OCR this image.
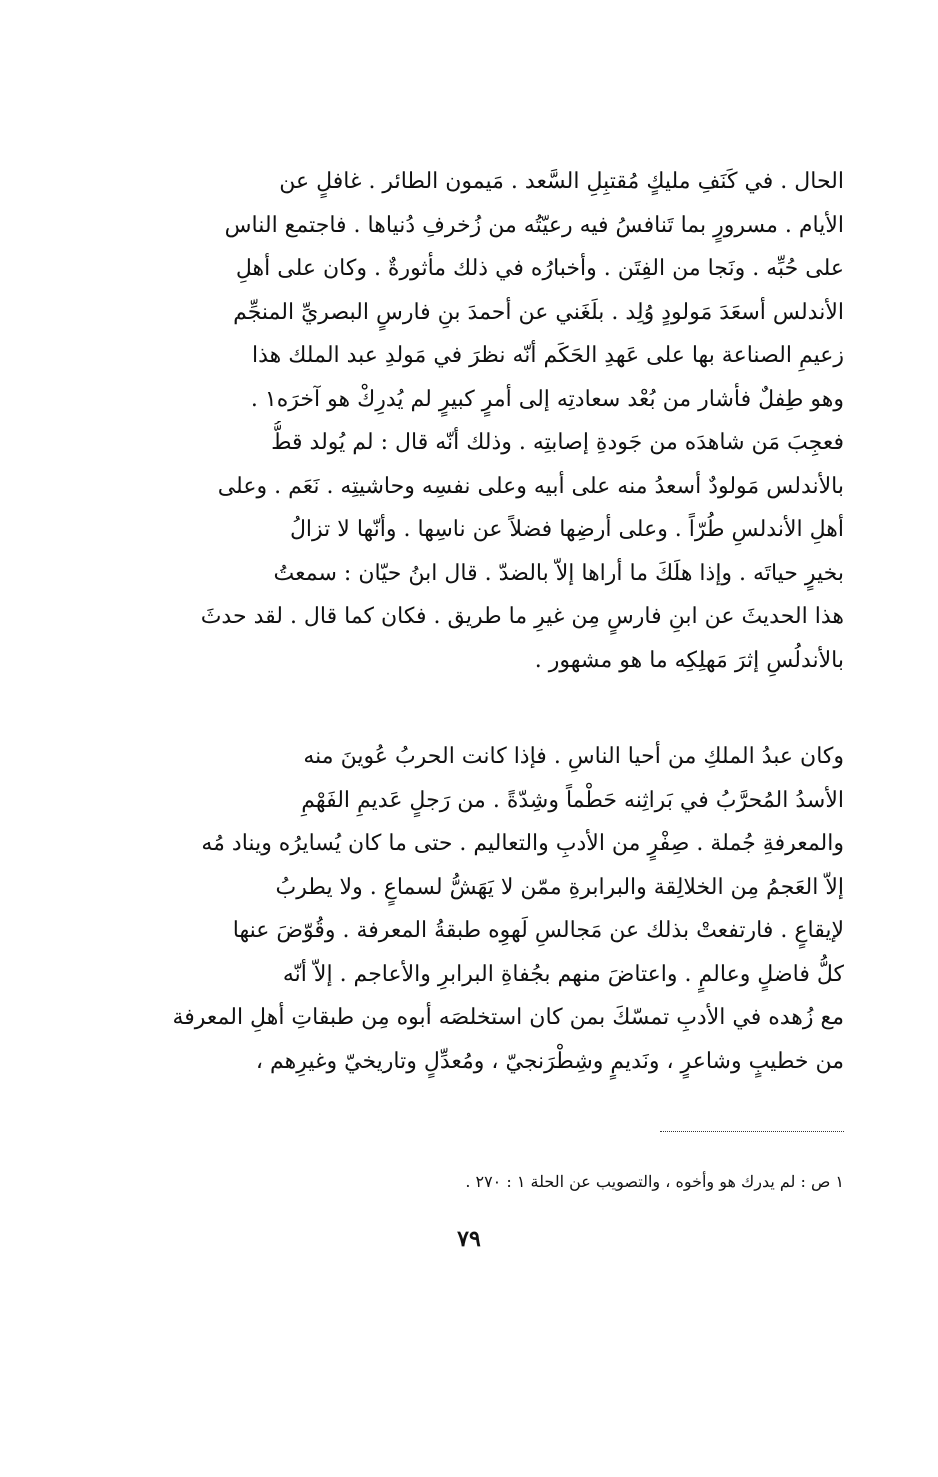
الحال . في كَنَفِ مليكٍ مُقتبِلِ السَّعد . مَيمون الطائر . غافلٍ عن
الأيام . مسرورٍ بما تَنافسُ فيه رعيّتُه من زُخرفِ دُنياها . فاجتمع الناس
على حُبِّه . ونَجا من الفِتَن . وأخبارُه في ذلك مأثورةٌ . وكان على أهلِ
الأندلس أسعَدَ مَولودٍ وُلِد . بلَغَني عن أحمدَ بنِ فارسٍ البصريِّ المنجِّم
زعيمِ الصناعة بها على عَهدِ الحَكَم أنّه نظرَ في مَولدِ عبد الملك هذا
وهو طِفلٌ فأشار من بُعْد سعادتِه إلى أمرٍ كبيرٍ لم يُدرِكْ هو آخرَه١ .
فعجِبَ مَن شاهدَه من جَودةِ إصابتِه . وذلك أنّه قال : لم يُولد قطُّ
بالأندلس مَولودٌ أسعدُ منه على أبيه وعلى نفسِه وحاشيتِه . نَعَم . وعلى
أهلِ الأندلسِ طُرّاً . وعلى أرضِها فضلاً عن ناسِها . وأنّها لا تزالُ
بخيرٍ حياتَه . وإذا هلَكَ ما أراها إلاّ بالضدّ . قال ابنُ حيّان : سمعتُ
هذا الحديثَ عن ابنِ فارسٍ مِن غيرِ ما طريق . فكان كما قال . لقد حدثَ
بالأندلُسِ إثرَ مَهلِكِه ما هو مشهور .
وكان عبدُ الملكِ من أحيا الناسِ . فإذا كانت الحربُ عُوينَ منه
الأسدُ المُحرَّبُ في بَراثِنه حَطْماً وشِدّةً . من رَجلٍ عَديمِ الفَهْمِ
والمعرفةِ جُملة . صِفْرٍ من الأدبِ والتعاليم . حتى ما كان يُسايرُه ويناد مُه
إلاّ العَجمُ مِن الخلالِقة والبرابرةِ ممّن لا يَهَشُّ لسماعٍ . ولا يطربُ
لإيقاعٍ . فارتفعتْ بذلك عن مَجالسِ لَهوِه طبقةُ المعرفة . وقُوّضَ عنها
كلُّ فاضلٍ وعالمٍ . واعتاضَ منهم بجُفاةِ البرابرِ والأعاجم . إلاّ أنّه
مع زُهده في الأدبِ تمسّكَ بمن كان استخلصَه أبوه مِن طبقاتِ أهلِ المعرفة
من خطيبٍ وشاعرٍ ، ونَديمٍ وشِطْرَنجيّ ، ومُعدِّلٍ وتاريخيّ وغيرِهم ،
١ ص : لم يدرك هو وأخوه ، والتصويب عن الحلة ١ : ٢٧٠ .
٧٩
